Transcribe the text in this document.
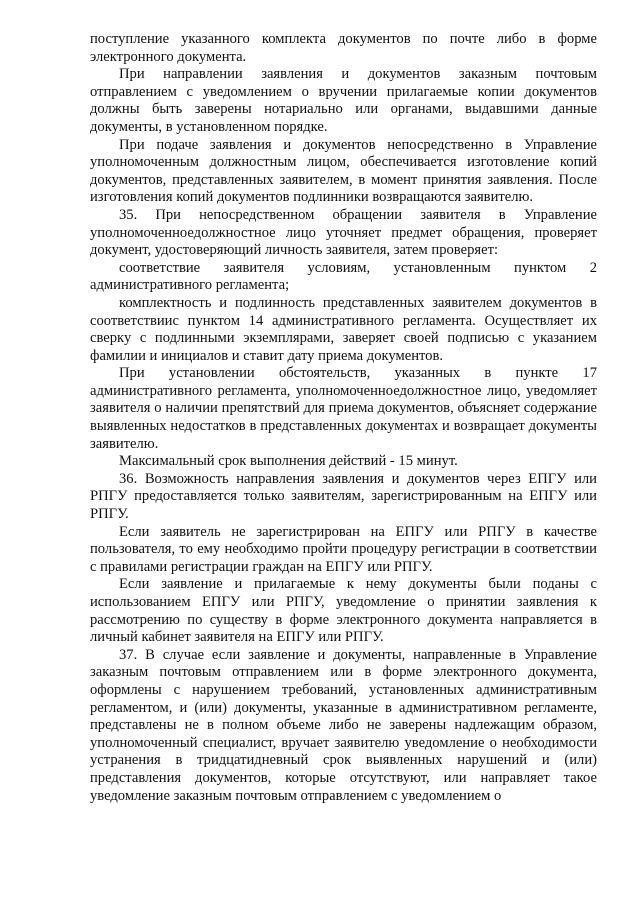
поступление указанного комплекта документов по почте либо в форме электронного документа.

При направлении заявления и документов заказным почтовым отправлением с уведомлением о вручении прилагаемые копии документов должны быть заверены нотариально или органами, выдавшими данные документы, в установленном порядке.

При подаче заявления и документов непосредственно в Управление уполномоченным должностным лицом, обеспечивается изготовление копий документов, представленных заявителем, в момент принятия заявления. После изготовления копий документов подлинники возвращаются заявителю.

35. При непосредственном обращении заявителя в Управление уполномоченноедолжностное лицо уточняет предмет обращения, проверяет документ, удостоверяющий личность заявителя, затем проверяет:

соответствие заявителя условиям, установленным пунктом 2 административного регламента;

комплектность и подлинность представленных заявителем документов в соответствиис пунктом 14 административного регламента. Осуществляет их сверку с подлинными экземплярами, заверяет своей подписью с указанием фамилии и инициалов и ставит дату приема документов.

При установлении обстоятельств, указанных в пункте 17 административного регламента, уполномоченноедолжностное лицо, уведомляет заявителя о наличии препятствий для приема документов, объясняет содержание выявленных недостатков в представленных документах и возвращает документы заявителю.

Максимальный срок выполнения действий - 15 минут.

36. Возможность направления заявления и документов через ЕПГУ или РПГУ предоставляется только заявителям, зарегистрированным на ЕПГУ или РПГУ.

Если заявитель не зарегистрирован на ЕПГУ или РПГУ в качестве пользователя, то ему необходимо пройти процедуру регистрации в соответствии с правилами регистрации граждан на ЕПГУ или РПГУ.

Если заявление и прилагаемые к нему документы были поданы с использованием ЕПГУ или РПГУ, уведомление о принятии заявления к рассмотрению по существу в форме электронного документа направляется в личный кабинет заявителя на ЕПГУ или РПГУ.

37. В случае если заявление и документы, направленные в Управление заказным почтовым отправлением или в форме электронного документа, оформлены с нарушением требований, установленных административным регламентом, и (или) документы, указанные в административном регламенте, представлены не в полном объеме либо не заверены надлежащим образом, уполномоченный специалист, вручает заявителю уведомление о необходимости устранения в тридцатидневный срок выявленных нарушений и (или) представления документов, которые отсутствуют, или направляет такое уведомление заказным почтовым отправлением с уведомлением о
